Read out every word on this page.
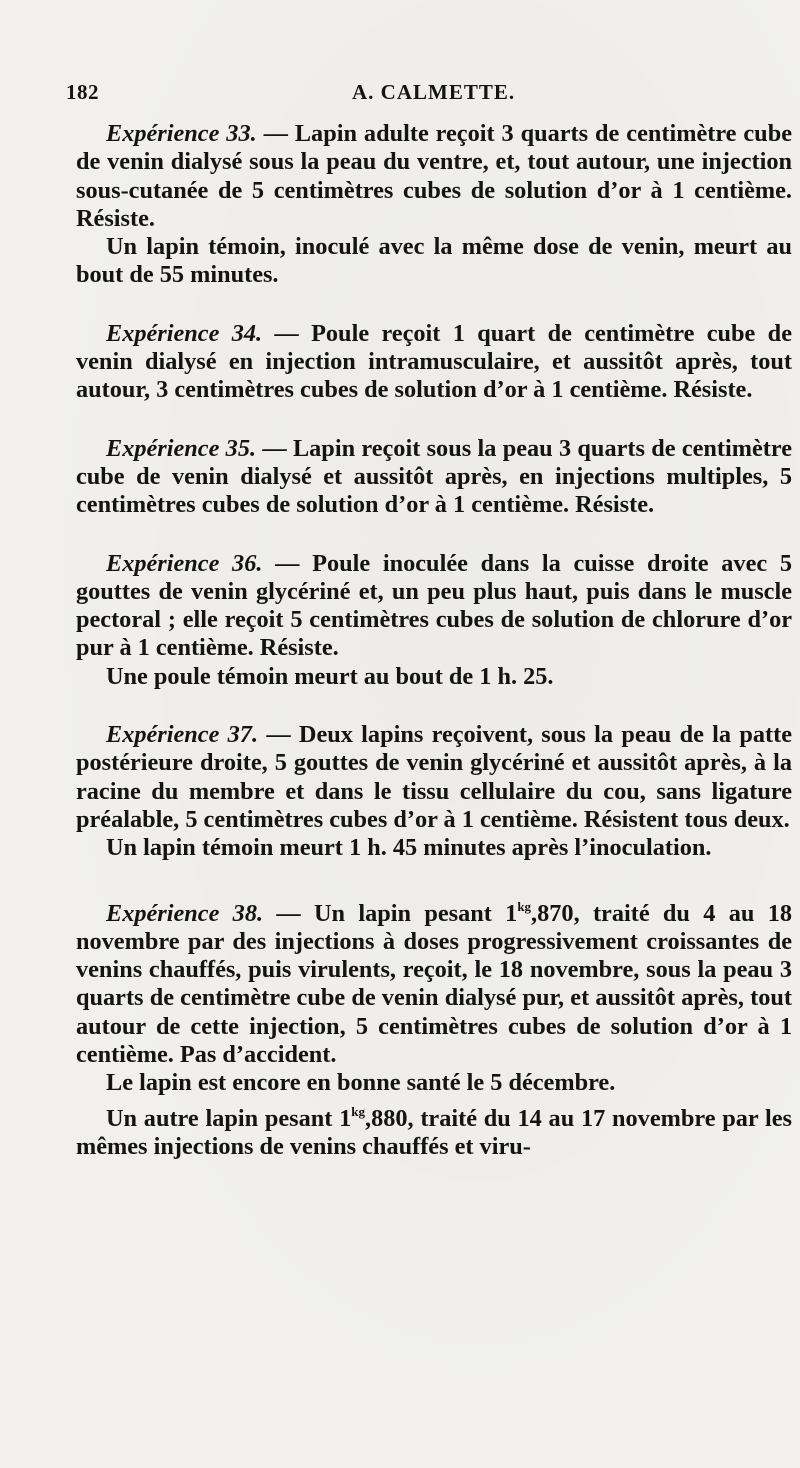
182	A. CALMETTE.

Expérience 33. — Lapin adulte reçoit 3 quarts de centimètre cube de venin dialysé sous la peau du ventre, et, tout autour, une injection sous-cutanée de 5 centimètres cubes de solution d’or à 1 centième. Résiste.

Un lapin témoin, inoculé avec la même dose de venin, meurt au bout de 55 minutes.

Expérience 34. — Poule reçoit 1 quart de centimètre cube de venin dialysé en injection intramusculaire, et aussitôt après, tout autour, 3 centimètres cubes de solution d’or à 1 centième. Résiste.

Expérience 35. — Lapin reçoit sous la peau 3 quarts de centimètre cube de venin dialysé et aussitôt après, en injections multiples, 5 centimètres cubes de solution d’or à 1 centième. Résiste.

Expérience 36. — Poule inoculée dans la cuisse droite avec 5 gouttes de venin glycériné et, un peu plus haut, puis dans le muscle pectoral ; elle reçoit 5 centimètres cubes de solution de chlorure d’or pur à 1 centième. Résiste.

Une poule témoin meurt au bout de 1 h. 25.

Expérience 37. — Deux lapins reçoivent, sous la peau de la patte postérieure droite, 5 gouttes de venin glycériné et aussitôt après, à la racine du membre et dans le tissu cellulaire du cou, sans ligature préalable, 5 centimètres cubes d’or à 1 centième. Résistent tous deux.

Un lapin témoin meurt 1 h. 45 minutes après l’inoculation.

Expérience 38. — Un lapin pesant $1^{kg},870$, traité du 4 au 18 novembre par des injections à doses progressivement croissantes de venins chauffés, puis virulents, reçoit, le 18 novembre, sous la peau 3 quarts de centimètre cube de venin dialysé pur, et aussitôt après, tout autour de cette injection, 5 centimètres cubes de solution d’or à 1 centième. Pas d’accident.

Le lapin est encore en bonne santé le 5 décembre.

Un autre lapin pesant $1^{kg},880$, traité du 14 au 17 novembre par les mêmes injections de venins chauffés et viru-
